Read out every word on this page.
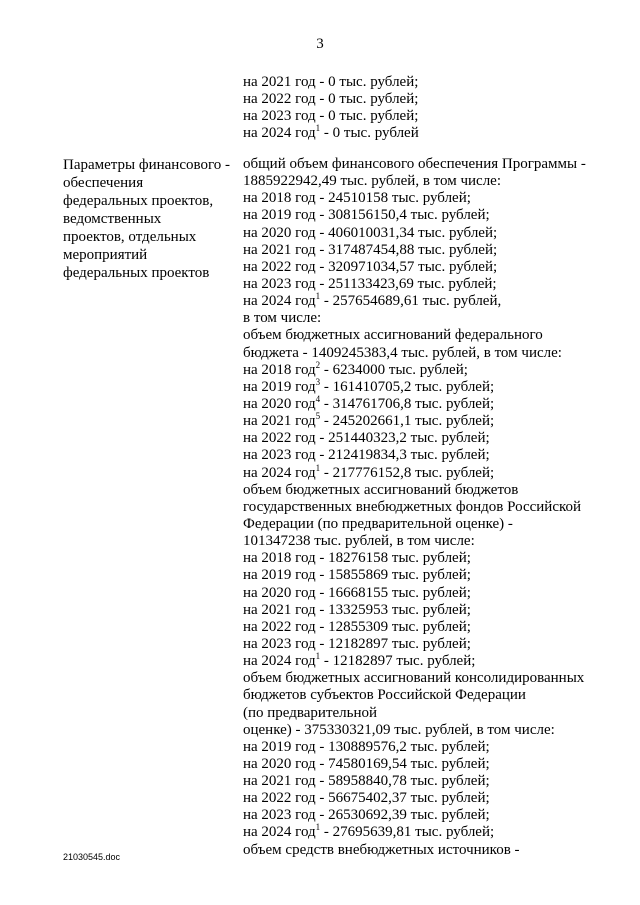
3
на 2021 год - 0 тыс. рублей;
на 2022 год - 0 тыс. рублей;
на 2023 год - 0 тыс. рублей;
на 2024 год$^1$ - 0 тыс. рублей
Параметры финансового обеспечения федеральных проектов, ведомственных проектов, отдельных мероприятий федеральных проектов
- общий объем финансового обеспечения Программы -
1885922942,49 тыс. рублей, в том числе:
на 2018 год - 24510158 тыс. рублей;
на 2019 год - 308156150,4 тыс. рублей;
на 2020 год - 406010031,34 тыс. рублей;
на 2021 год - 317487454,88 тыс. рублей;
на 2022 год - 320971034,57 тыс. рублей;
на 2023 год - 251133423,69 тыс. рублей;
на 2024 год$^1$ - 257654689,61 тыс. рублей,
в том числе:
объем бюджетных ассигнований федерального
бюджета - 1409245383,4 тыс. рублей, в том числе:
на 2018 год$^2$ - 6234000 тыс. рублей;
на 2019 год$^3$ - 161410705,2 тыс. рублей;
на 2020 год$^4$ - 314761706,8 тыс. рублей;
на 2021 год$^5$ - 245202661,1 тыс. рублей;
на 2022 год - 251440323,2 тыс. рублей;
на 2023 год - 212419834,3 тыс. рублей;
на 2024 год$^1$ - 217776152,8 тыс. рублей;
объем бюджетных ассигнований бюджетов
государственных внебюджетных фондов Российской
Федерации (по предварительной оценке) -
101347238 тыс. рублей, в том числе:
на 2018 год - 18276158 тыс. рублей;
на 2019 год - 15855869 тыс. рублей;
на 2020 год - 16668155 тыс. рублей;
на 2021 год - 13325953 тыс. рублей;
на 2022 год - 12855309 тыс. рублей;
на 2023 год - 12182897 тыс. рублей;
на 2024 год$^1$ - 12182897 тыс. рублей;
объем бюджетных ассигнований консолидированных
бюджетов субъектов Российской Федерации
(по предварительной
оценке) - 375330321,09 тыс. рублей, в том числе:
на 2019 год - 130889576,2 тыс. рублей;
на 2020 год - 74580169,54 тыс. рублей;
на 2021 год - 58958840,78 тыс. рублей;
на 2022 год - 56675402,37 тыс. рублей;
на 2023 год - 26530692,39 тыс. рублей;
на 2024 год$^1$ - 27695639,81 тыс. рублей;
объем средств внебюджетных источников -
21030545.doc
